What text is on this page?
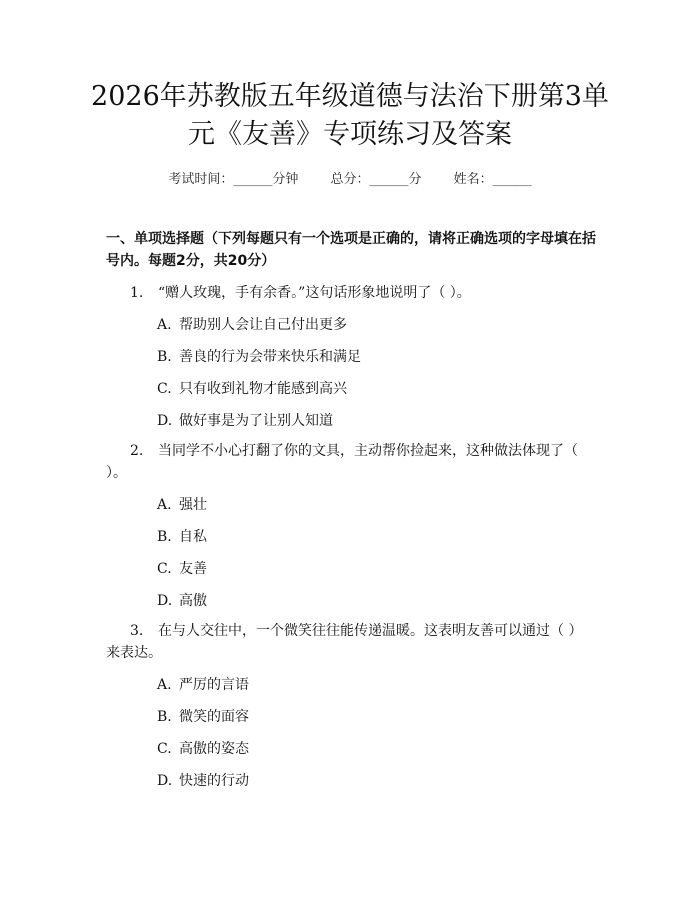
2026年苏教版五年级道德与法治下册第3单
元《友善》专项练习及答案
考试时间：______分钟 总分：______分 姓名：______
一、单项选择题（下列每题只有一个选项是正确的，请将正确选项的字母填在括号内。每题2分，共20分）
1. “赠人玫瑰，手有余香。”这句话形象地说明了（ ）。
A. 帮助别人会让自己付出更多
B. 善良的行为会带来快乐和满足
C. 只有收到礼物才能感到高兴
D. 做好事是为了让别人知道
2. 当同学不小心打翻了你的文具，主动帮你捡起来，这种做法体现了（ ）。
A. 强壮
B. 自私
C. 友善
D. 高傲
3. 在与人交往中，一个微笑往往能传递温暖。这表明友善可以通过（ ）来表达。
A. 严厉的言语
B. 微笑的面容
C. 高傲的姿态
D. 快速的行动
